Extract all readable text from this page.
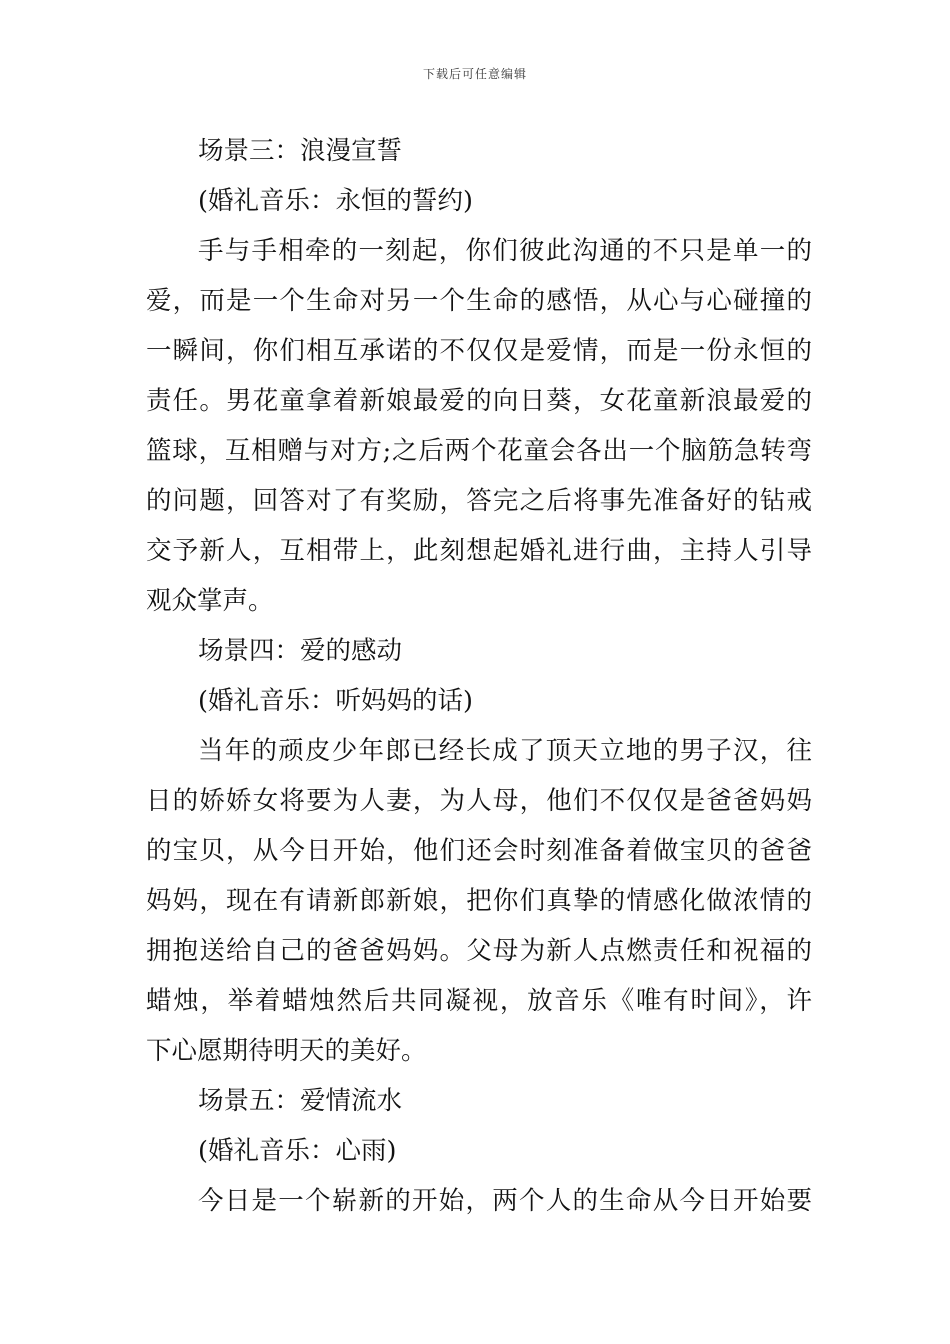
下载后可任意编辑
场景三：浪漫宣誓
(婚礼音乐：永恒的誓约)
手与手相牵的一刻起，你们彼此沟通的不只是单一的
爱，而是一个生命对另一个生命的感悟，从心与心碰撞的
一瞬间，你们相互承诺的不仅仅是爱情，而是一份永恒的
责任。男花童拿着新娘最爱的向日葵，女花童新浪最爱的
篮球，互相赠与对方;之后两个花童会各出一个脑筋急转弯
的问题，回答对了有奖励，答完之后将事先准备好的钻戒
交予新人，互相带上，此刻想起婚礼进行曲，主持人引导
观众掌声。
场景四：爱的感动
(婚礼音乐：听妈妈的话)
当年的顽皮少年郎已经长成了顶天立地的男子汉，往
日的娇娇女将要为人妻，为人母，他们不仅仅是爸爸妈妈
的宝贝，从今日开始，他们还会时刻准备着做宝贝的爸爸
妈妈，现在有请新郎新娘，把你们真挚的情感化做浓情的
拥抱送给自己的爸爸妈妈。父母为新人点燃责任和祝福的
蜡烛，举着蜡烛然后共同凝视，放音乐《唯有时间》，许
下心愿期待明天的美好。
场景五：爱情流水
(婚礼音乐：心雨)
今日是一个崭新的开始，两个人的生命从今日开始要
